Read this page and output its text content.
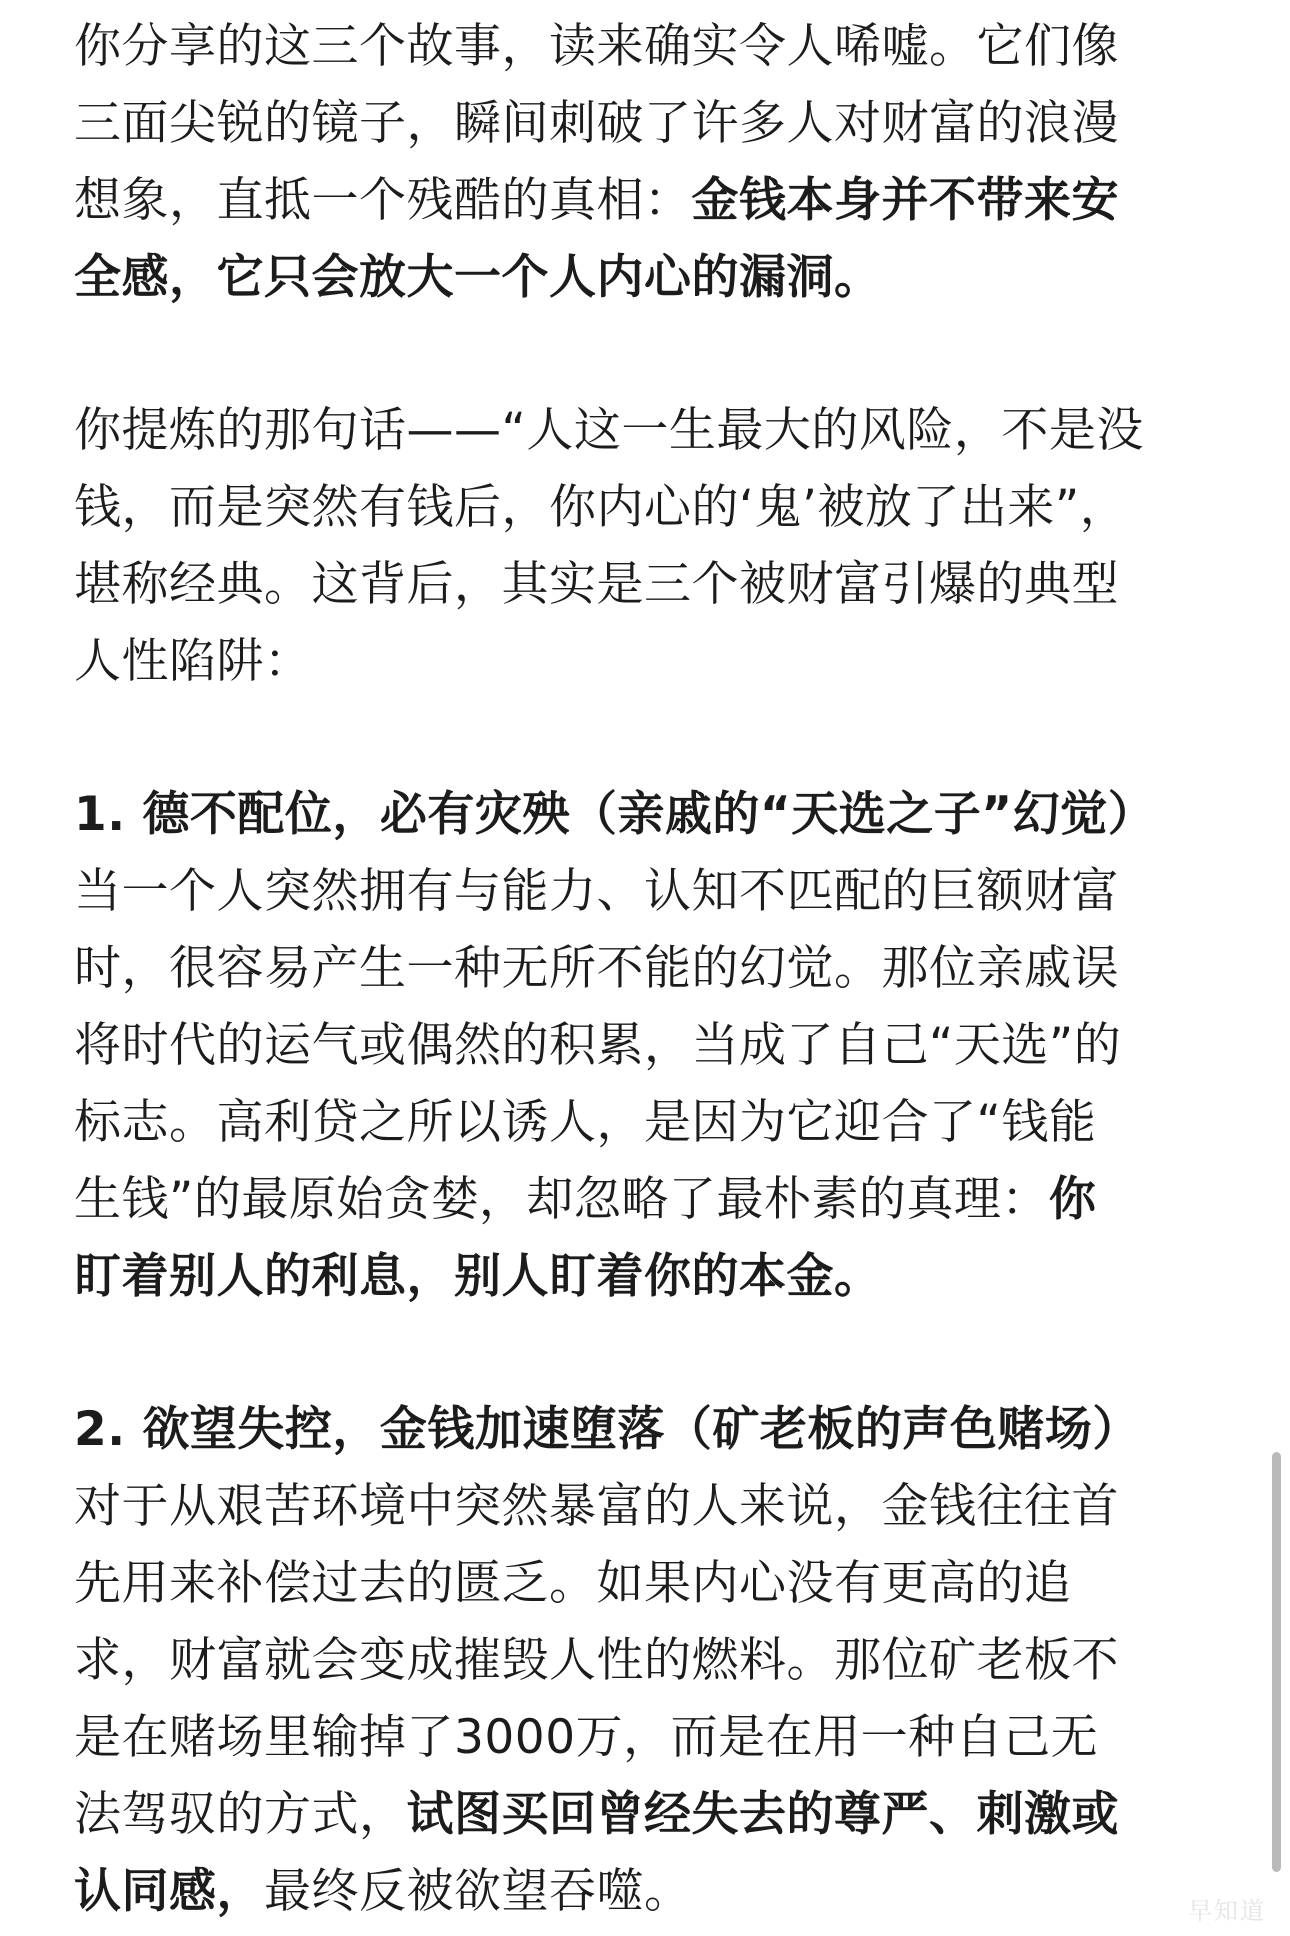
你分享的这三个故事，读来确实令人唏嘘。它们像
三面尖锐的镜子，瞬间刺破了许多人对财富的浪漫
想象，直抵一个残酷的真相：金钱本身并不带来安
全感，它只会放大一个人内心的漏洞。
你提炼的那句话——“人这一生最大的风险，不是没
钱，而是突然有钱后，你内心的‘鬼’被放了出来”，
堪称经典。这背后，其实是三个被财富引爆的典型
人性陷阱：
1. 德不配位，必有灾殃（亲戚的“天选之子”幻觉）
当一个人突然拥有与能力、认知不匹配的巨额财富
时，很容易产生一种无所不能的幻觉。那位亲戚误
将时代的运气或偶然的积累，当成了自己“天选”的
标志。高利贷之所以诱人，是因为它迎合了“钱能
生钱”的最原始贪婪，却忽略了最朴素的真理：你
盯着别人的利息，别人盯着你的本金。
2. 欲望失控，金钱加速堕落（矿老板的声色赌场）
对于从艰苦环境中突然暴富的人来说，金钱往往首
先用来补偿过去的匮乏。如果内心没有更高的追
求，财富就会变成摧毁人性的燃料。那位矿老板不
是在赌场里输掉了3000万，而是在用一种自己无
法驾驭的方式，试图买回曾经失去的尊严、刺激或
认同感，最终反被欲望吞噬。	早知道
